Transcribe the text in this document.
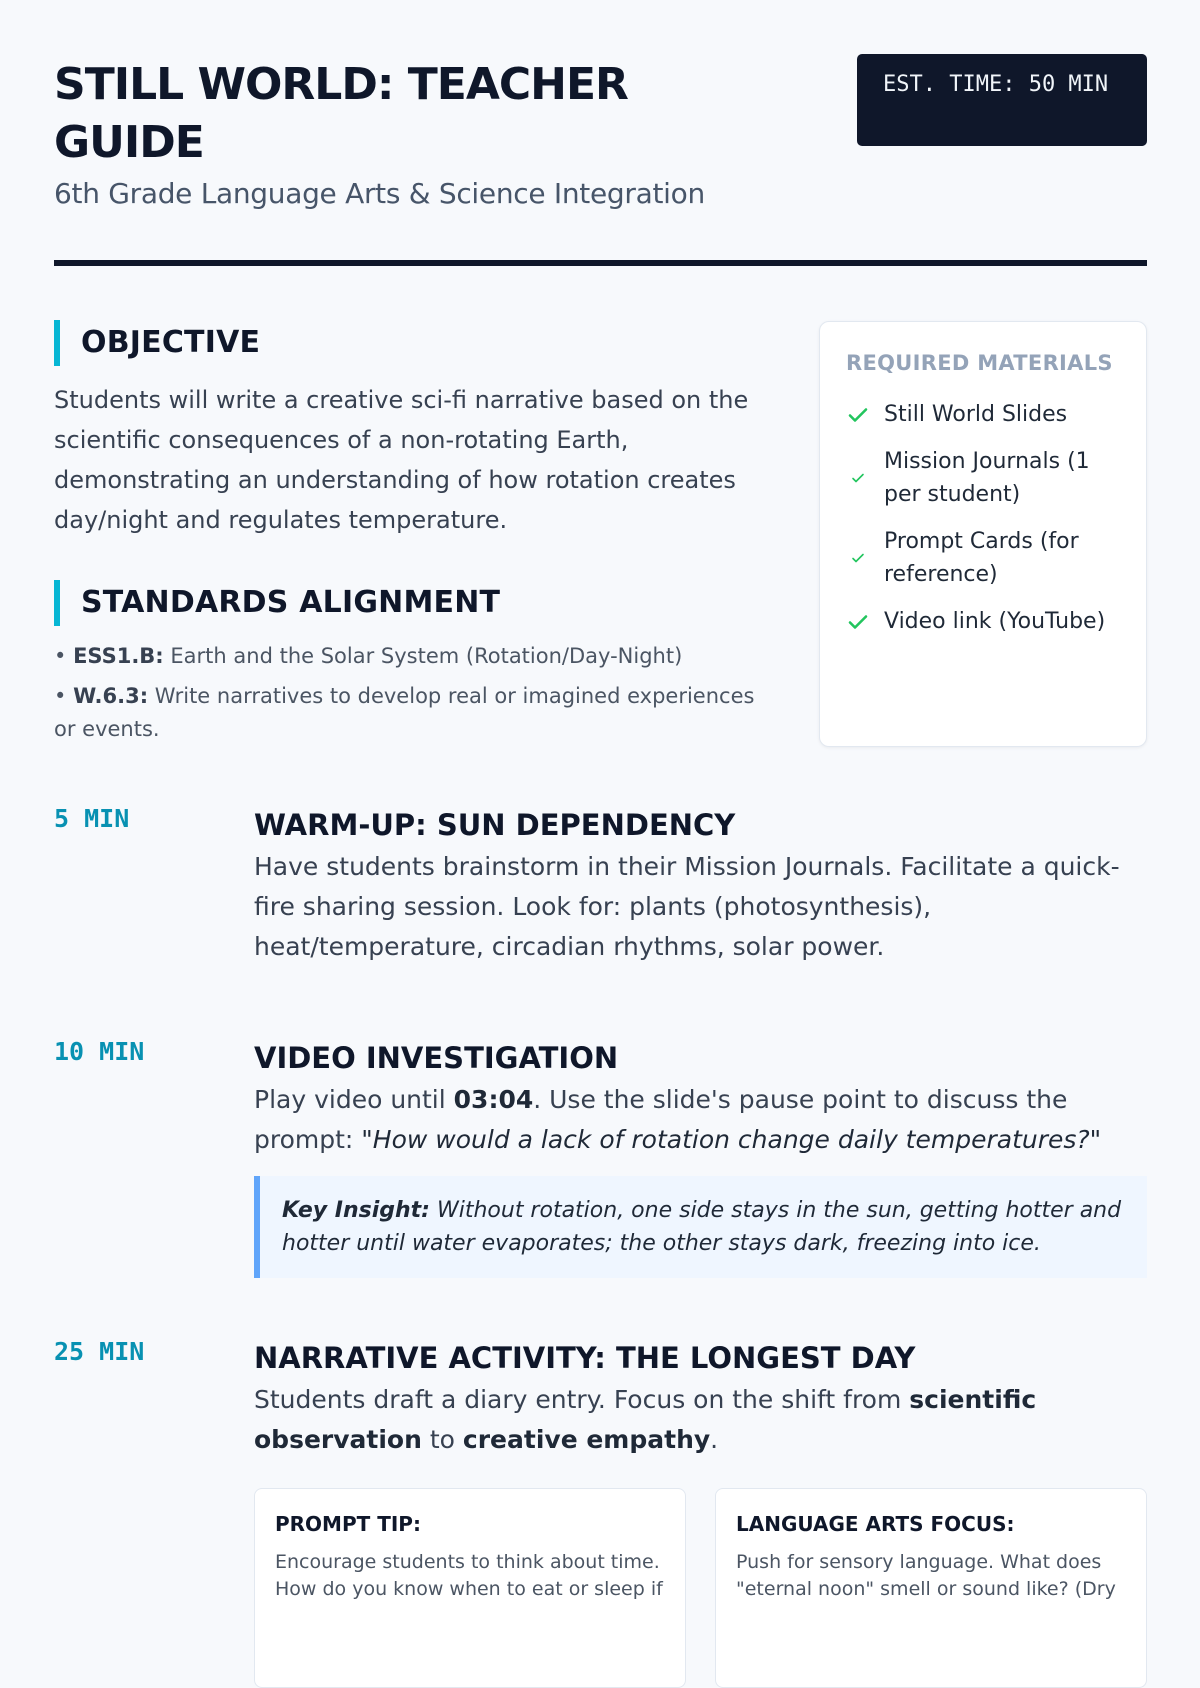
STILL WORLD: TEACHER GUIDE

6th Grade Language Arts & Science Integration

EST. TIME: 50 MIN
OBJECTIVE

Students will write a creative sci-fi narrative based on the scientific consequences of a non-rotating Earth, demonstrating an understanding of how rotation creates day/night and regulates temperature.

STANDARDS ALIGNMENT
• ESS1.B: Earth and the Solar System (Rotation/Day-Night)
• W.6.3: Write narratives to develop real or imagined experiences or events.
REQUIRED MATERIALS
Still World Slides
Mission Journals (1 per student)
Prompt Cards (for reference)
Video link (YouTube)
5 MIN	WARM-UP: SUN DEPENDENCY

Have students brainstorm in their Mission Journals. Facilitate a quick-fire sharing session. Look for: plants (photosynthesis), heat/temperature, circadian rhythms, solar power.

10 MIN	VIDEO INVESTIGATION

Play video until 03:04. Use the slide's pause point to discuss the prompt: "How would a lack of rotation change daily temperatures?"

Key Insight: Without rotation, one side stays in the sun, getting hotter and hotter until water evaporates; the other stays dark, freezing into ice.
25 MIN	NARRATIVE ACTIVITY: THE LONGEST DAY

Students draft a diary entry. Focus on the shift from scientific observation to creative empathy.

PROMPT TIP:

Encourage students to think about time. How do you know when to eat or sleep if

LANGUAGE ARTS FOCUS:

Push for sensory language. What does "eternal noon" smell or sound like? (Dry
